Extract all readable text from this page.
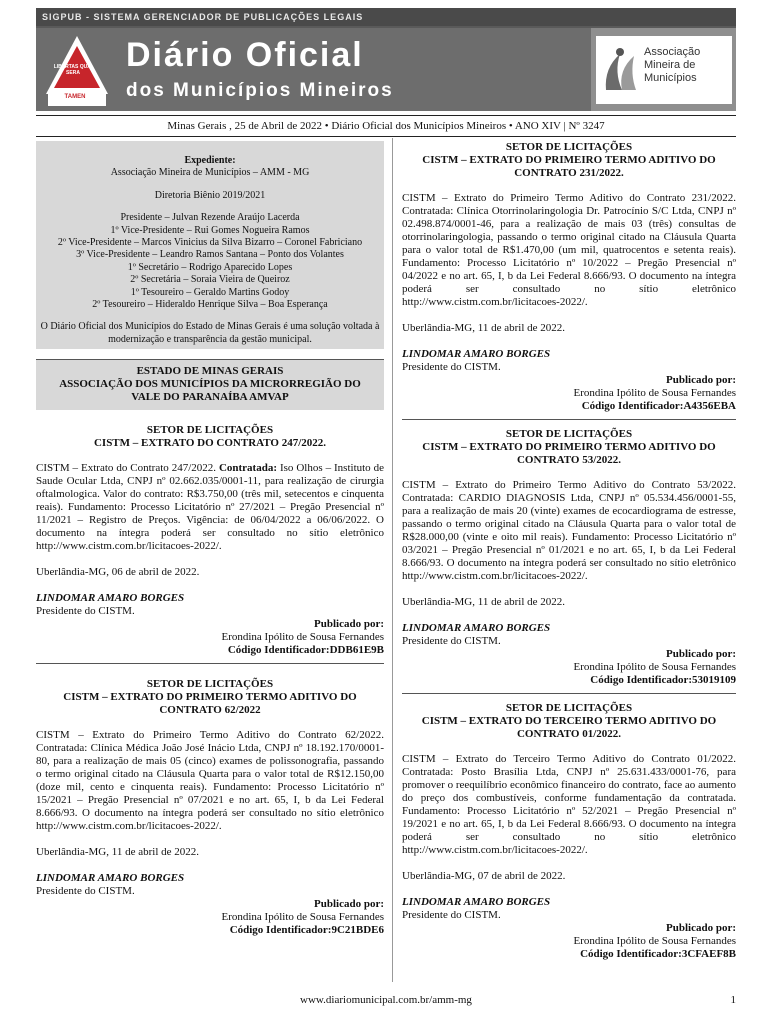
SIGPUB - SISTEMA GERENCIADOR DE PUBLICAÇÕES LEGAIS
TAMEN
LIBERTAS QUÆ SERA	Diário Oficial
dos Municípios Mineiros
Associação
Mineira de
Municípios
Minas Gerais , 25 de Abril de 2022 • Diário Oficial dos Municípios Mineiros • ANO XIV | Nº 3247
Expediente:
Associação Mineira de Municípios – AMM - MG
Diretoria Biênio 2019/2021
Presidente – Julvan Rezende Araújo Lacerda
1º Vice-Presidente – Rui Gomes Nogueira Ramos
2º Vice-Presidente – Marcos Vinicius da Silva Bizarro – Coronel Fabriciano
3º Vice-Presidente – Leandro Ramos Santana – Ponto dos Volantes
1º Secretário – Rodrigo Aparecido Lopes
2º Secretária – Soraia Vieira de Queiroz
1º Tesoureiro – Geraldo Martins Godoy
2º Tesoureiro – Hideraldo Henrique Silva – Boa Esperança
O Diário Oficial dos Municípios do Estado de Minas Gerais é uma solução voltada à modernização e transparência da gestão municipal.
ESTADO DE MINAS GERAIS
ASSOCIAÇÃO DOS MUNICÍPIOS DA MICRORREGIÃO DO
VALE DO PARANAÍBA AMVAP
SETOR DE LICITAÇÕES
CISTM – EXTRATO DO CONTRATO 247/2022.
CISTM – Extrato do Contrato 247/2022. Contratada: Iso Olhos – Instituto de Saude Ocular Ltda, CNPJ nº 02.662.035/0001-11, para realização de cirurgia oftalmologica. Valor do contrato: R$3.750,00 (três mil, setecentos e cinquenta reais). Fundamento: Processo Licitatório nº 27/2021 – Pregão Presencial nº 11/2021 – Registro de Preços. Vigência: de 06/04/2022 a 06/06/2022. O documento na íntegra poderá ser consultado no sítio eletrônico http://www.cistm.com.br/licitacoes-2022/.
Uberlândia-MG, 06 de abril de 2022.
LINDOMAR AMARO BORGES
Presidente do CISTM.
Publicado por:
Erondina Ipólito de Sousa Fernandes
Código Identificador:DDB61E9B
SETOR DE LICITAÇÕES
CISTM – EXTRATO DO PRIMEIRO TERMO ADITIVO DO CONTRATO 62/2022
CISTM – Extrato do Primeiro Termo Aditivo do Contrato 62/2022. Contratada: Clínica Médica João José Inácio Ltda, CNPJ nº 18.192.170/0001-80, para a realização de mais 05 (cinco) exames de polissonografia, passando o termo original citado na Cláusula Quarta para o valor total de R$12.150,00 (doze mil, cento e cinquenta reais). Fundamento: Processo Licitatório nº 15/2021 – Pregão Presencial nº 07/2021 e no art. 65, I, b da Lei Federal 8.666/93. O documento na íntegra poderá ser consultado no sítio eletrônico http://www.cistm.com.br/licitacoes-2022/.
Uberlândia-MG, 11 de abril de 2022.
LINDOMAR AMARO BORGES
Presidente do CISTM.
Publicado por:
Erondina Ipólito de Sousa Fernandes
Código Identificador:9C21BDE6
SETOR DE LICITAÇÕES
CISTM – EXTRATO DO PRIMEIRO TERMO ADITIVO DO CONTRATO 231/2022.
CISTM – Extrato do Primeiro Termo Aditivo do Contrato 231/2022. Contratada: Clínica Otorrinolaringologia Dr. Patrocínio S/C Ltda, CNPJ nº 02.498.874/0001-46, para a realização de mais 03 (três) consultas de otorrinolaringologia, passando o termo original citado na Cláusula Quarta para o valor total de R$1.470,00 (um mil, quatrocentos e setenta reais). Fundamento: Processo Licitatório nº 10/2022 – Pregão Presencial nº 04/2022 e no art. 65, I, b da Lei Federal 8.666/93. O documento na íntegra poderá ser consultado no sítio eletrônico http://www.cistm.com.br/licitacoes-2022/.
Uberlândia-MG, 11 de abril de 2022.
LINDOMAR AMARO BORGES
Presidente do CISTM.
Publicado por:
Erondina Ipólito de Sousa Fernandes
Código Identificador:A4356EBA
SETOR DE LICITAÇÕES
CISTM – EXTRATO DO PRIMEIRO TERMO ADITIVO DO CONTRATO 53/2022.
CISTM – Extrato do Primeiro Termo Aditivo do Contrato 53/2022. Contratada: CARDIO DIAGNOSIS Ltda, CNPJ nº 05.534.456/0001-55, para a realização de mais 20 (vinte) exames de ecocardiograma de estresse, passando o termo original citado na Cláusula Quarta para o valor total de R$28.000,00 (vinte e oito mil reais). Fundamento: Processo Licitatório nº 03/2021 – Pregão Presencial nº 01/2021 e no art. 65, I, b da Lei Federal 8.666/93. O documento na íntegra poderá ser consultado no sítio eletrônico http://www.cistm.com.br/licitacoes-2022/.
Uberlândia-MG, 11 de abril de 2022.
LINDOMAR AMARO BORGES
Presidente do CISTM.
Publicado por:
Erondina Ipólito de Sousa Fernandes
Código Identificador:53019109
SETOR DE LICITAÇÕES
CISTM – EXTRATO DO TERCEIRO TERMO ADITIVO DO CONTRATO 01/2022.
CISTM – Extrato do Terceiro Termo Aditivo do Contrato 01/2022. Contratada: Posto Brasília Ltda, CNPJ nº 25.631.433/0001-76, para promover o reequilíbrio econômico financeiro do contrato, face ao aumento do preço dos combustíveis, conforme fundamentação da contratada. Fundamento: Processo Licitatório nº 52/2021 – Pregão Presencial nº 19/2021 e no art. 65, I, b da Lei Federal 8.666/93. O documento na íntegra poderá ser consultado no sítio eletrônico http://www.cistm.com.br/licitacoes-2022/.
Uberlândia-MG, 07 de abril de 2022.
LINDOMAR AMARO BORGES
Presidente do CISTM.
Publicado por:
Erondina Ipólito de Sousa Fernandes
Código Identificador:3CFAEF8B
www.diariomunicipal.com.br/amm-mg	1
